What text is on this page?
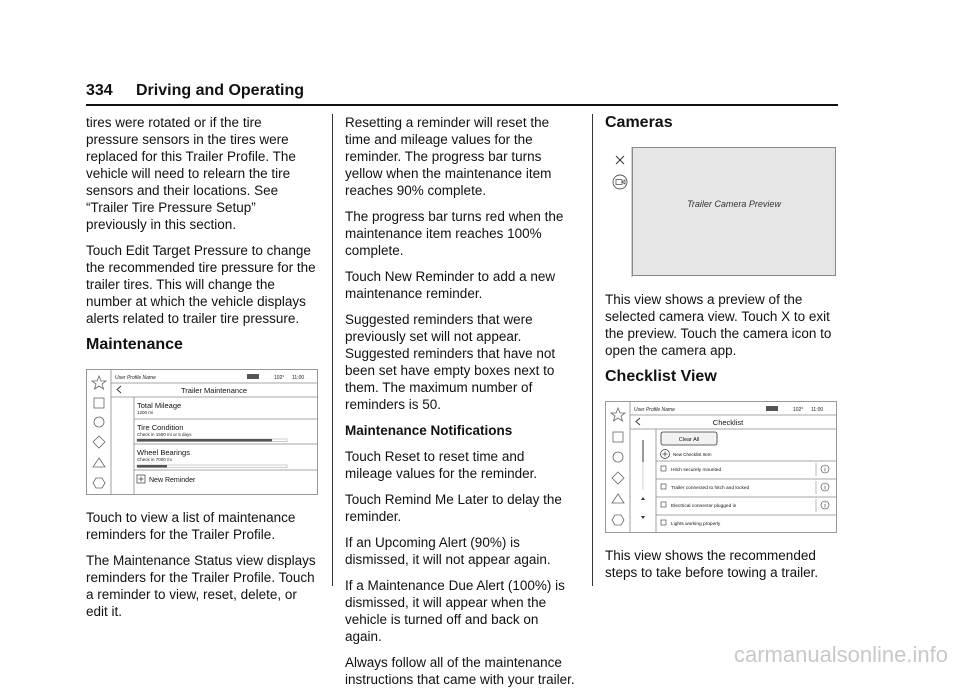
334 Driving and Operating

tires were rotated or if the tire pressure sensors in the tires were replaced for this Trailer Profile. The vehicle will need to relearn the tire sensors and their locations. See “Trailer Tire Pressure Setup” previously in this section.

Touch Edit Target Pressure to change the recommended tire pressure for the trailer tires. This will change the number at which the vehicle displays alerts related to trailer tire pressure.

Maintenance
User Profile Name	102° 11:00
Trailer Maintenance
Total Mileage
1200 mi
Tire Condition
Check in 1500 mi or 5 days
Wheel Bearings
Check in 7000 mi
New Reminder

Touch to view a list of maintenance reminders for the Trailer Profile.

The Maintenance Status view displays reminders for the Trailer Profile. Touch a reminder to view, reset, delete, or edit it.

Resetting a reminder will reset the time and mileage values for the reminder. The progress bar turns yellow when the maintenance item reaches 90% complete.

The progress bar turns red when the maintenance item reaches 100% complete.

Touch New Reminder to add a new maintenance reminder.

Suggested reminders that were previously set will not appear. Suggested reminders that have not been set have empty boxes next to them. The maximum number of reminders is 50.

Maintenance Notifications

Touch Reset to reset time and mileage values for the reminder.

Touch Remind Me Later to delay the reminder.

If an Upcoming Alert (90%) is dismissed, it will not appear again.

If a Maintenance Due Alert (100%) is dismissed, it will appear when the vehicle is turned off and back on again.

Always follow all of the maintenance instructions that came with your trailer.

Cameras
Trailer Camera Preview

This view shows a preview of the selected camera view. Touch X to exit the preview. Touch the camera icon to open the camera app.

Checklist View
User Profile Name	102° 11:00
Checklist
Clear All
New Checklist Item
Hitch securely mounted
Trailer connected to hitch and locked
Electrical connector plugged in
Lights working properly

This view shows the recommended steps to take before towing a trailer.

carmanualsonline.info
